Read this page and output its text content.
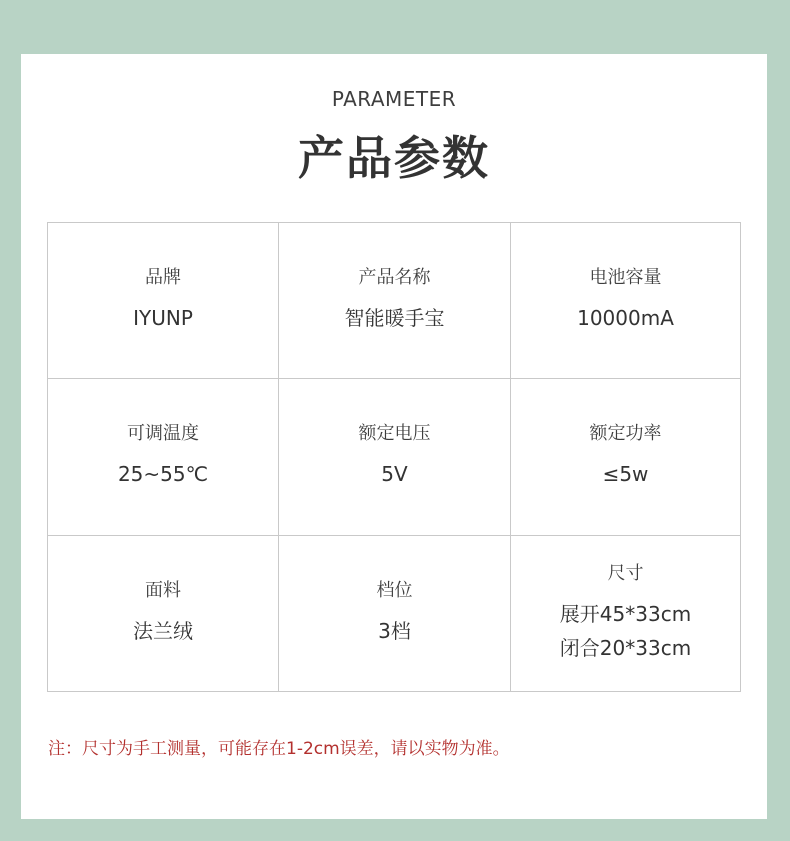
PARAMETER
产品参数
品牌
IYUNP
产品名称
智能暖手宝
电池容量
10000mA
可调温度
25~55℃
额定电压
5V
额定功率
≤5w
面料
法兰绒
档位
3档
尺寸
展开45*33cm
闭合20*33cm
注：尺寸为手工测量，可能存在1-2cm误差，请以实物为准。
